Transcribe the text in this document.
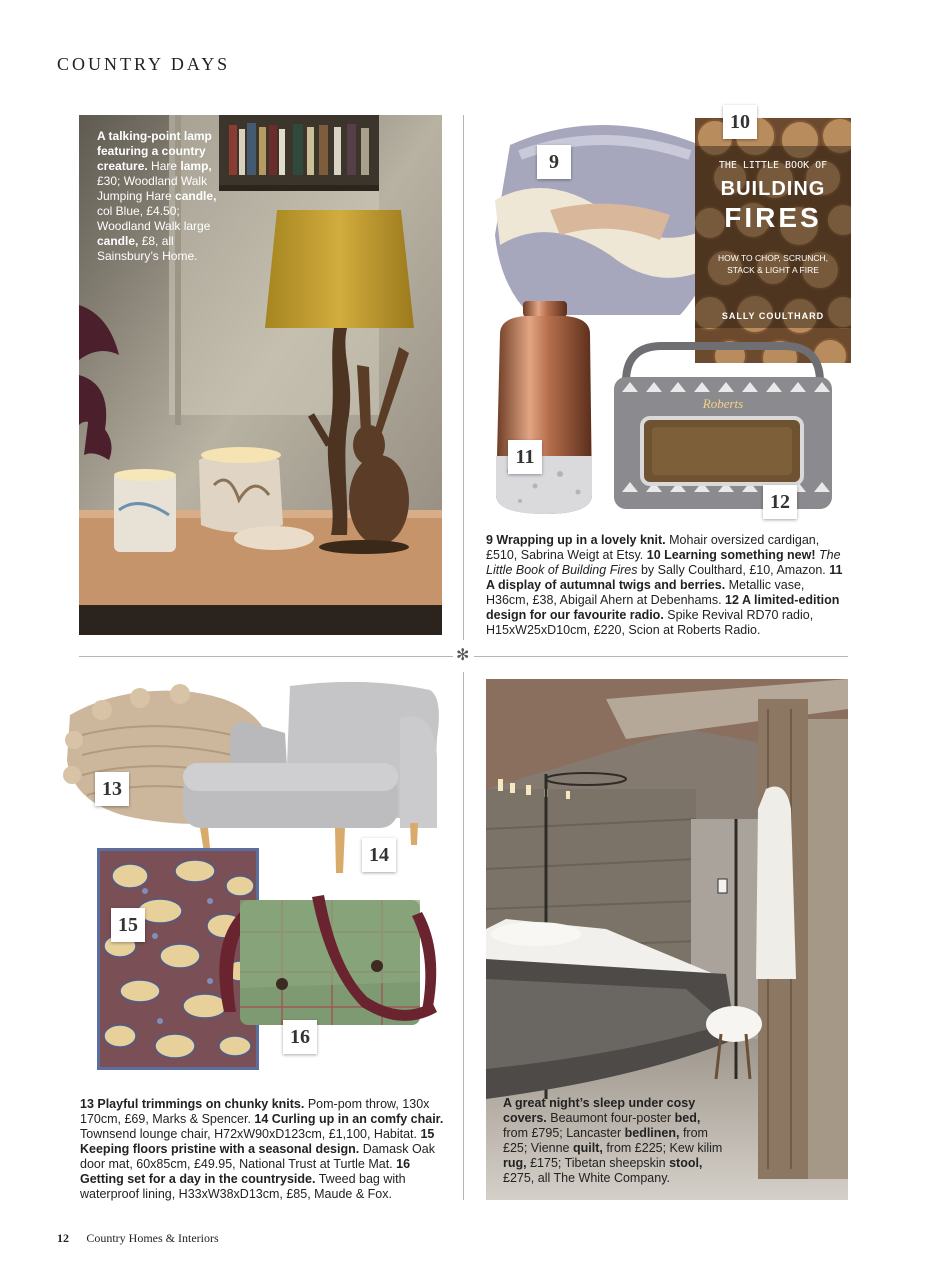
COUNTRY DAYS
✻
A talking-point lamp featuring a country creature. Hare lamp, £30; Woodland Walk Jumping Hare candle, col Blue, £4.50; Woodland Walk large candle, £8, all Sainsbury’s Home.
THE LITTLE BOOK OF
BUILDING
FIRES
HOW TO CHOP, SCRUNCH, STACK & LIGHT A FIRE
SALLY COULTHARD
Roberts
9
10
11
12
9 Wrapping up in a lovely knit. Mohair oversized cardigan, £510, Sabrina Weigt at Etsy. 10 Learning something new! The Little Book of Building Fires by Sally Coulthard, £10, Amazon. 11 A display of autumnal twigs and berries. Metallic vase, H36cm, £38, Abigail Ahern at Debenhams. 12 A limited-edition design for our favourite radio. Spike Revival RD70 radio, H15xW25xD10cm, £220, Scion at Roberts Radio.
13
14
15
16
13 Playful trimmings on chunky knits. Pom-pom throw, 130x 170cm, £69, Marks & Spencer. 14 Curling up in an comfy chair. Townsend lounge chair, H72xW90xD123cm, £1,100, Habitat. 15 Keeping floors pristine with a seasonal design. Damask Oak door mat, 60x85cm, £49.95, National Trust at Turtle Mat. 16 Getting set for a day in the countryside. Tweed bag with waterproof lining, H33xW38xD13cm, £85, Maude & Fox.
A great night’s sleep under cosy covers. Beaumont four-poster bed, from £795; Lancaster bedlinen, from £25; Vienne quilt, from £225; Kew kilim rug, £175; Tibetan sheepskin stool, £275, all The White Company.
12 Country Homes & Interiors
